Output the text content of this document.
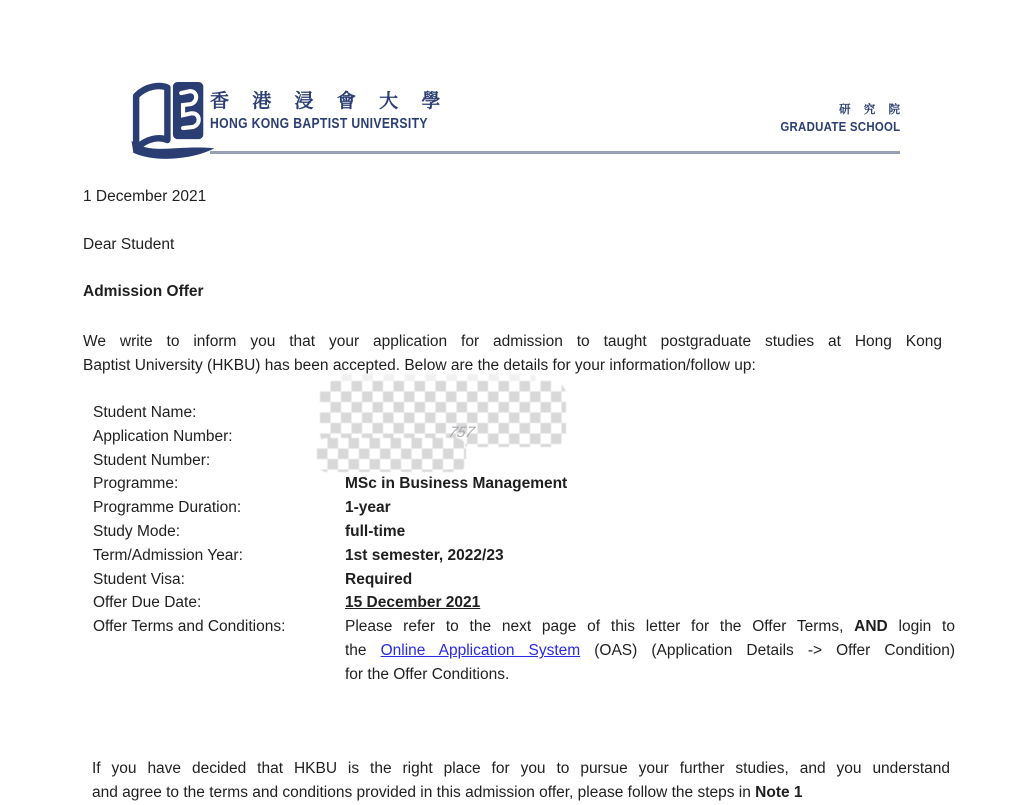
香 港 浸 會 大 學
HONG KONG BAPTIST UNIVERSITY
研 究 院
GRADUATE SCHOOL
1 December 2021
Dear Student
Admission Offer
We write to inform you that your application for admission to taught postgraduate studies at Hong Kong
Baptist University (HKBU) has been accepted. Below are the details for your information/follow up:
Student Name:
Application Number:
Student Number:
Programme:	MSc in Business Management
Programme Duration:	1-year
Study Mode:	full-time
Term/Admission Year:	1st semester, 2022/23
Student Visa:	Required
Offer Due Date:	15 December 2021
Offer Terms and Conditions:	Please refer to the next page of this letter for the Offer Terms, AND login to
the Online Application System (OAS) (Application Details -> Offer Condition)
for the Offer Conditions.
757
If you have decided that HKBU is the right place for you to pursue your further studies, and you understand
and agree to the terms and conditions provided in this admission offer, please follow the steps in Note 1
